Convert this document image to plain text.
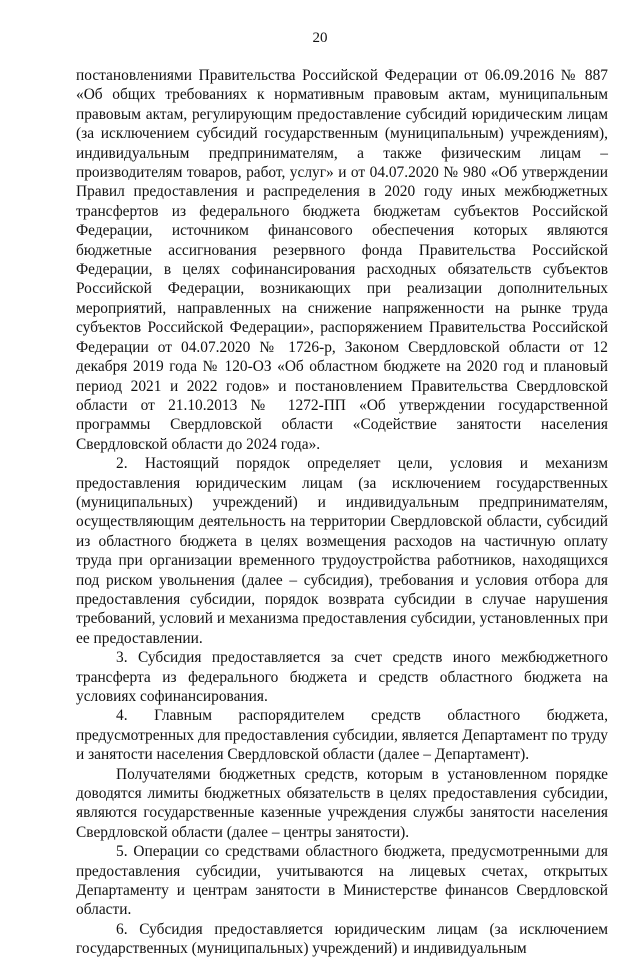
20

постановлениями Правительства Российской Федерации от 06.09.2016 № 887 «Об общих требованиях к нормативным правовым актам, муниципальным правовым актам, регулирующим предоставление субсидий юридическим лицам (за исключением субсидий государственным (муниципальным) учреждениям), индивидуальным предпринимателям, а также физическим лицам – производителям товаров, работ, услуг» и от 04.07.2020 № 980 «Об утверждении Правил предоставления и распределения в 2020 году иных межбюджетных трансфертов из федерального бюджета бюджетам субъектов Российской Федерации, источником финансового обеспечения которых являются бюджетные ассигнования резервного фонда Правительства Российской Федерации, в целях софинансирования расходных обязательств субъектов Российской Федерации, возникающих при реализации дополнительных мероприятий, направленных на снижение напряженности на рынке труда субъектов Российской Федерации», распоряжением Правительства Российской Федерации от 04.07.2020 № 1726-р, Законом Свердловской области от 12 декабря 2019 года № 120-ОЗ «Об областном бюджете на 2020 год и плановый период 2021 и 2022 годов» и постановлением Правительства Свердловской области от 21.10.2013 № 1272-ПП «Об утверждении государственной программы Свердловской области «Содействие занятости населения Свердловской области до 2024 года».

2. Настоящий порядок определяет цели, условия и механизм предоставления юридическим лицам (за исключением государственных (муниципальных) учреждений) и индивидуальным предпринимателям, осуществляющим деятельность на территории Свердловской области, субсидий из областного бюджета в целях возмещения расходов на частичную оплату труда при организации временного трудоустройства работников, находящихся под риском увольнения (далее – субсидия), требования и условия отбора для предоставления субсидии, порядок возврата субсидии в случае нарушения требований, условий и механизма предоставления субсидии, установленных при ее предоставлении.

3. Субсидия предоставляется за счет средств иного межбюджетного трансферта из федерального бюджета и средств областного бюджета на условиях софинансирования.

4. Главным распорядителем средств областного бюджета, предусмотренных для предоставления субсидии, является Департамент по труду и занятости населения Свердловской области (далее – Департамент).

Получателями бюджетных средств, которым в установленном порядке доводятся лимиты бюджетных обязательств в целях предоставления субсидии, являются государственные казенные учреждения службы занятости населения Свердловской области (далее – центры занятости).

5. Операции со средствами областного бюджета, предусмотренными для предоставления субсидии, учитываются на лицевых счетах, открытых Департаменту и центрам занятости в Министерстве финансов Свердловской области.

6. Субсидия предоставляется юридическим лицам (за исключением государственных (муниципальных) учреждений) и индивидуальным
